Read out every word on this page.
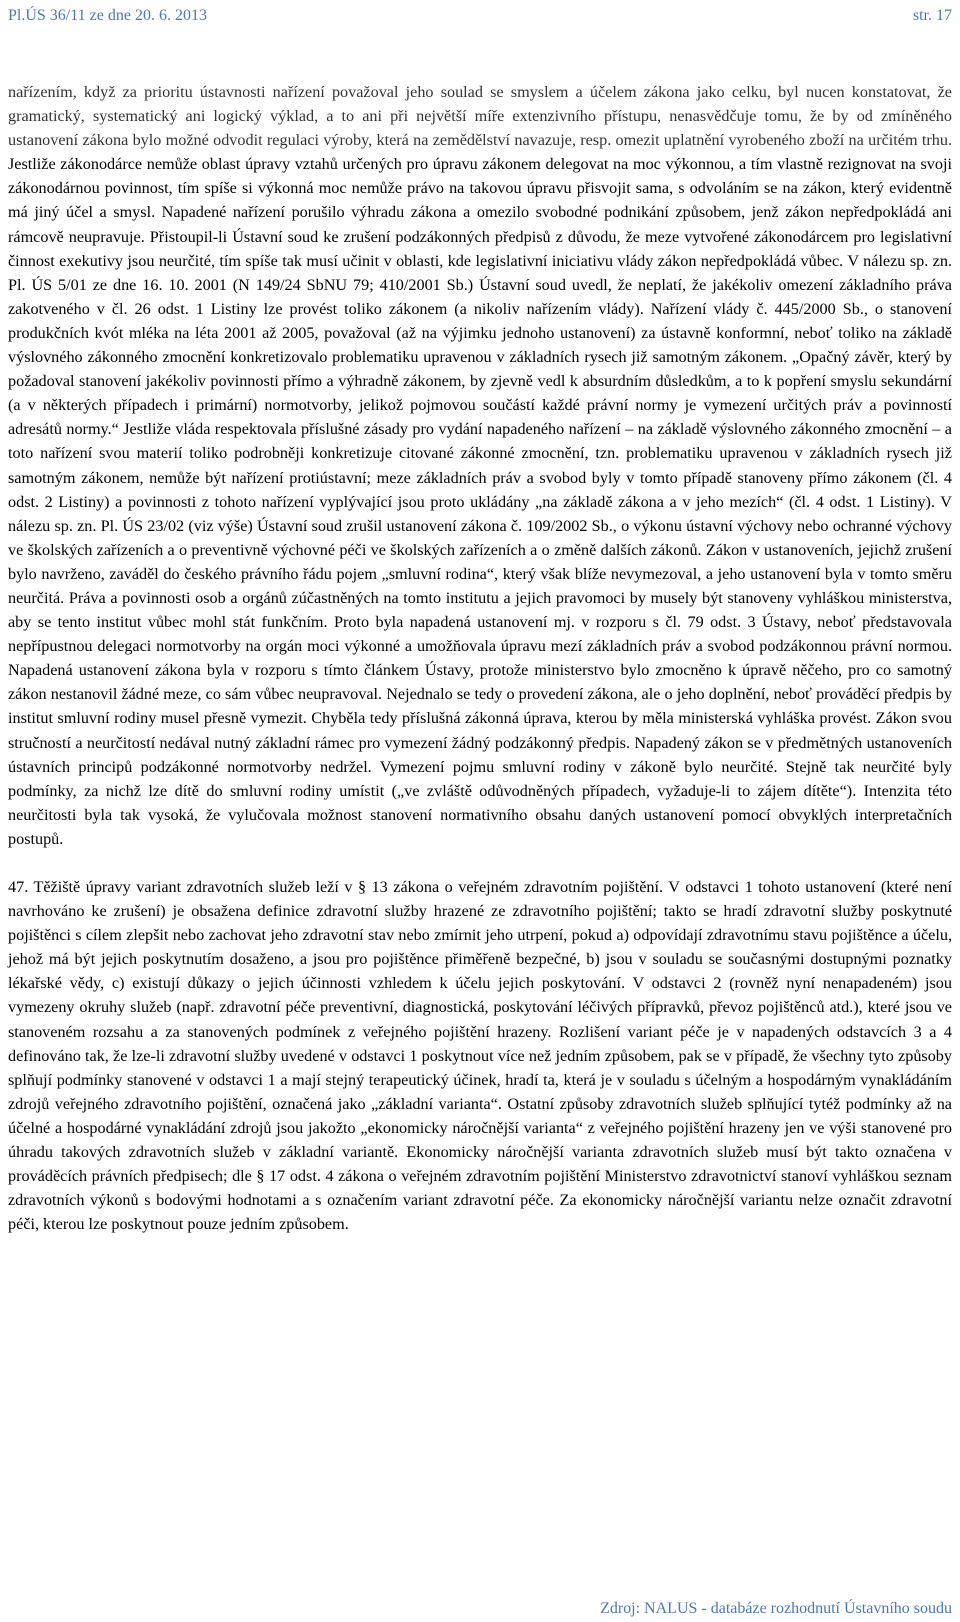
Pl.ÚS 36/11 ze dne 20. 6. 2013	str. 17

nařízením, když za prioritu ústavnosti nařízení považoval jeho soulad se smyslem a účelem zákona jako celku, byl nucen konstatovat, že gramatický, systematický ani logický výklad, a to ani při největší míře extenzivního přístupu, nenasvědčuje tomu, že by od zmíněného ustanovení zákona bylo možné odvodit regulaci výroby, která na zemědělství navazuje, resp. omezit uplatnění vyrobeného zboží na určitém trhu. Jestliže zákonodárce nemůže oblast úpravy vztahů určených pro úpravu zákonem delegovat na moc výkonnou, a tím vlastně rezignovat na svoji zákonodárnou povinnost, tím spíše si výkonná moc nemůže právo na takovou úpravu přisvojit sama, s odvoláním se na zákon, který evidentně má jiný účel a smysl. Napadené nařízení porušilo výhradu zákona a omezilo svobodné podnikání způsobem, jenž zákon nepředpokládá ani rámcově neupravuje. Přistoupil-li Ústavní soud ke zrušení podzákonných předpisů z důvodu, že meze vytvořené zákonodárcem pro legislativní činnost exekutivy jsou neurčité, tím spíše tak musí učinit v oblasti, kde legislativní iniciativu vlády zákon nepředpokládá vůbec. V nálezu sp. zn. Pl. ÚS 5/01 ze dne 16. 10. 2001 (N 149/24 SbNU 79; 410/2001 Sb.) Ústavní soud uvedl, že neplatí, že jakékoliv omezení základního práva zakotveného v čl. 26 odst. 1 Listiny lze provést toliko zákonem (a nikoliv nařízením vlády). Nařízení vlády č. 445/2000 Sb., o stanovení produkčních kvót mléka na léta 2001 až 2005, považoval (až na výjimku jednoho ustanovení) za ústavně konformní, neboť toliko na základě výslovného zákonného zmocnění konkretizovalo problematiku upravenou v základních rysech již samotným zákonem. „Opačný závěr, který by požadoval stanovení jakékoliv povinnosti přímo a výhradně zákonem, by zjevně vedl k absurdním důsledkům, a to k popření smyslu sekundární (a v některých případech i primární) normotvorby, jelikož pojmovou součástí každé právní normy je vymezení určitých práv a povinností adresátů normy.“ Jestliže vláda respektovala příslušné zásady pro vydání napadeného nařízení – na základě výslovného zákonného zmocnění – a toto nařízení svou materií toliko podrobněji konkretizuje citované zákonné zmocnění, tzn. problematiku upravenou v základních rysech již samotným zákonem, nemůže být nařízení protiústavní; meze základních práv a svobod byly v tomto případě stanoveny přímo zákonem (čl. 4 odst. 2 Listiny) a povinnosti z tohoto nařízení vyplývající jsou proto ukládány „na základě zákona a v jeho mezích“ (čl. 4 odst. 1 Listiny). V nálezu sp. zn. Pl. ÚS 23/02 (viz výše) Ústavní soud zrušil ustanovení zákona č. 109/2002 Sb., o výkonu ústavní výchovy nebo ochranné výchovy ve školských zařízeních a o preventivně výchovné péči ve školských zařízeních a o změně dalších zákonů. Zákon v ustanoveních, jejichž zrušení bylo navrženo, zaváděl do českého právního řádu pojem „smluvní rodina“, který však blíže nevymezoval, a jeho ustanovení byla v tomto směru neurčitá. Práva a povinnosti osob a orgánů zúčastněných na tomto institutu a jejich pravomoci by musely být stanoveny vyhláškou ministerstva, aby se tento institut vůbec mohl stát funkčním. Proto byla napadená ustanovení mj. v rozporu s čl. 79 odst. 3 Ústavy, neboť představovala nepřípustnou delegaci normotvorby na orgán moci výkonné a umožňovala úpravu mezí základních práv a svobod podzákonnou právní normou. Napadená ustanovení zákona byla v rozporu s tímto článkem Ústavy, protože ministerstvo bylo zmocněno k úpravě něčeho, pro co samotný zákon nestanovil žádné meze, co sám vůbec neupravoval. Nejednalo se tedy o provedení zákona, ale o jeho doplnění, neboť prováděcí předpis by institut smluvní rodiny musel přesně vymezit. Chyběla tedy příslušná zákonná úprava, kterou by měla ministerská vyhláška provést. Zákon svou stručností a neurčitostí nedával nutný základní rámec pro vymezení žádný podzákonný předpis. Napadený zákon se v předmětných ustanoveních ústavních principů podzákonné normotvorby nedržel. Vymezení pojmu smluvní rodiny v zákoně bylo neurčité. Stejně tak neurčité byly podmínky, za nichž lze dítě do smluvní rodiny umístit („ve zvláště odůvodněných případech, vyžaduje-li to zájem dítěte“). Intenzita této neurčitosti byla tak vysoká, že vylučovala možnost stanovení normativního obsahu daných ustanovení pomocí obvyklých interpretačních postupů.

47. Těžiště úpravy variant zdravotních služeb leží v § 13 zákona o veřejném zdravotním pojištění. V odstavci 1 tohoto ustanovení (které není navrhováno ke zrušení) je obsažena definice zdravotní služby hrazené ze zdravotního pojištění; takto se hradí zdravotní služby poskytnuté pojištěnci s cílem zlepšit nebo zachovat jeho zdravotní stav nebo zmírnit jeho utrpení, pokud a) odpovídají zdravotnímu stavu pojištěnce a účelu, jehož má být jejich poskytnutím dosaženo, a jsou pro pojištěnce přiměřeně bezpečné, b) jsou v souladu se současnými dostupnými poznatky lékařské vědy, c) existují důkazy o jejich účinnosti vzhledem k účelu jejich poskytování. V odstavci 2 (rovněž nyní nenapadeném) jsou vymezeny okruhy služeb (např. zdravotní péče preventivní, diagnostická, poskytování léčivých přípravků, převoz pojištěnců atd.), které jsou ve stanoveném rozsahu a za stanovených podmínek z veřejného pojištění hrazeny. Rozlišení variant péče je v napadených odstavcích 3 a 4 definováno tak, že lze-li zdravotní služby uvedené v odstavci 1 poskytnout více než jedním způsobem, pak se v případě, že všechny tyto způsoby splňují podmínky stanovené v odstavci 1 a mají stejný terapeutický účinek, hradí ta, která je v souladu s účelným a hospodárným vynakládáním zdrojů veřejného zdravotního pojištění, označená jako „základní varianta“. Ostatní způsoby zdravotních služeb splňující tytéž podmínky až na účelné a hospodárné vynakládání zdrojů jsou jakožto „ekonomicky náročnější varianta“ z veřejného pojištění hrazeny jen ve výši stanovené pro úhradu takových zdravotních služeb v základní variantě. Ekonomicky náročnější varianta zdravotních služeb musí být takto označena v prováděcích právních předpisech; dle § 17 odst. 4 zákona o veřejném zdravotním pojištění Ministerstvo zdravotnictví stanoví vyhláškou seznam zdravotních výkonů s bodovými hodnotami a s označením variant zdravotní péče. Za ekonomicky náročnější variantu nelze označit zdravotní péči, kterou lze poskytnout pouze jedním způsobem.

Zdroj: NALUS - databáze rozhodnutí Ústavního soudu
